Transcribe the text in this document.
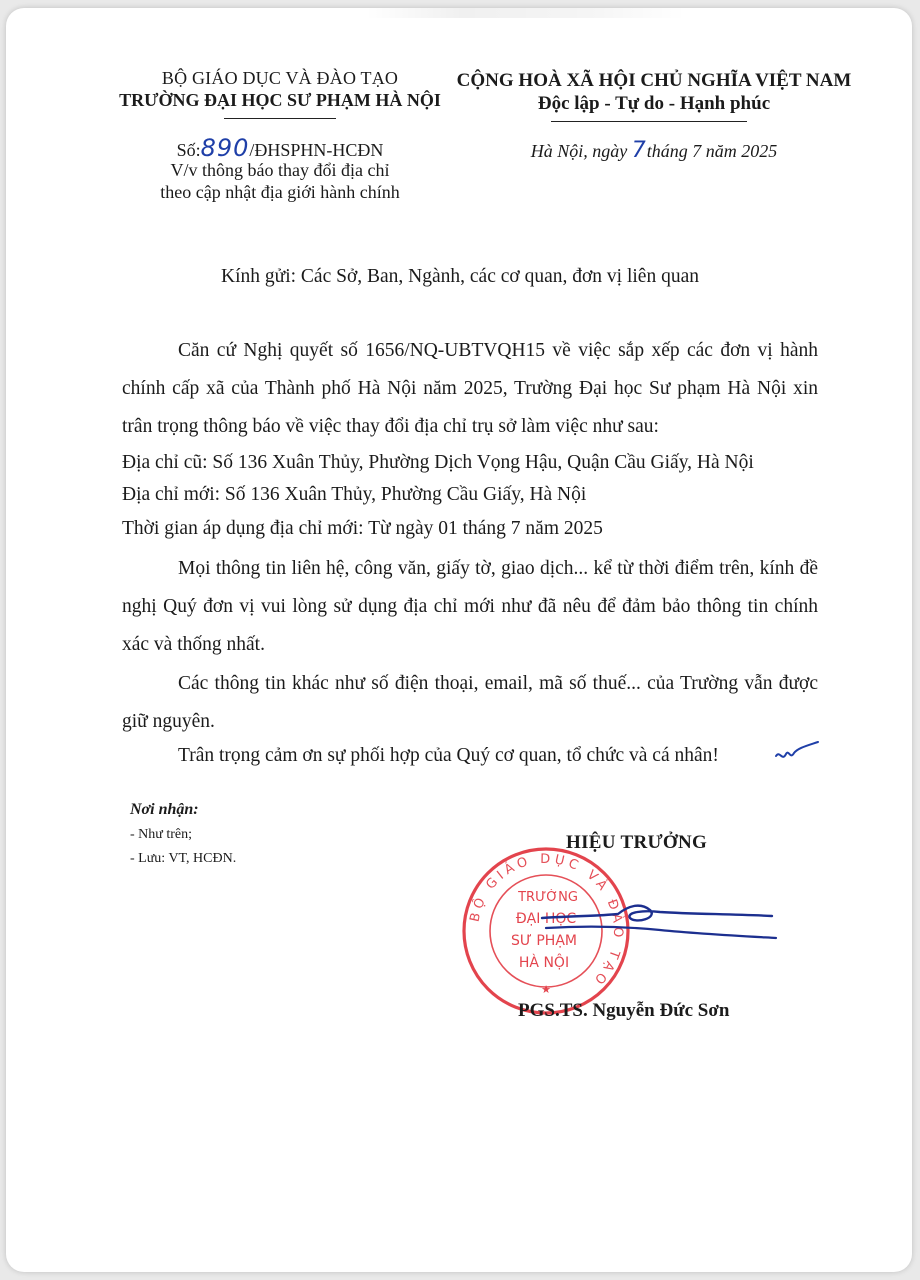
BỘ GIÁO DỤC VÀ ĐÀO TẠO
TRƯỜNG ĐẠI HỌC SƯ PHẠM HÀ NỘI
CỘNG HOÀ XÃ HỘI CHỦ NGHĨA VIỆT NAM
Độc lập - Tự do - Hạnh phúc
Số:890/ĐHSPHN-HCĐN
V/v thông báo thay đổi địa chỉ
theo cập nhật địa giới hành chính
Hà Nội, ngày 7tháng 7 năm 2025
Kính gửi: Các Sở, Ban, Ngành, các cơ quan, đơn vị liên quan
Căn cứ Nghị quyết số 1656/NQ-UBTVQH15 về việc sắp xếp các đơn vị hành chính cấp xã của Thành phố Hà Nội năm 2025, Trường Đại học Sư phạm Hà Nội xin trân trọng thông báo về việc thay đổi địa chỉ trụ sở làm việc như sau:
Địa chỉ cũ: Số 136 Xuân Thủy, Phường Dịch Vọng Hậu, Quận Cầu Giấy, Hà Nội
Địa chỉ mới: Số 136 Xuân Thủy, Phường Cầu Giấy, Hà Nội
Thời gian áp dụng địa chỉ mới: Từ ngày 01 tháng 7 năm 2025
Mọi thông tin liên hệ, công văn, giấy tờ, giao dịch... kể từ thời điểm trên, kính đề nghị Quý đơn vị vui lòng sử dụng địa chỉ mới như đã nêu để đảm bảo thông tin chính xác và thống nhất.
Các thông tin khác như số điện thoại, email, mã số thuế... của Trường vẫn được giữ nguyên.
Trân trọng cảm ơn sự phối hợp của Quý cơ quan, tổ chức và cá nhân!
Nơi nhận:
- Như trên;
- Lưu: VT, HCĐN.
HIỆU TRƯỞNG
BỘ GIÁO DỤC VÀ ĐÀO TẠO
TRƯỜNG
ĐẠI HỌC
SƯ PHẠM
HÀ NỘI
★
PGS.TS. Nguyễn Đức Sơn
